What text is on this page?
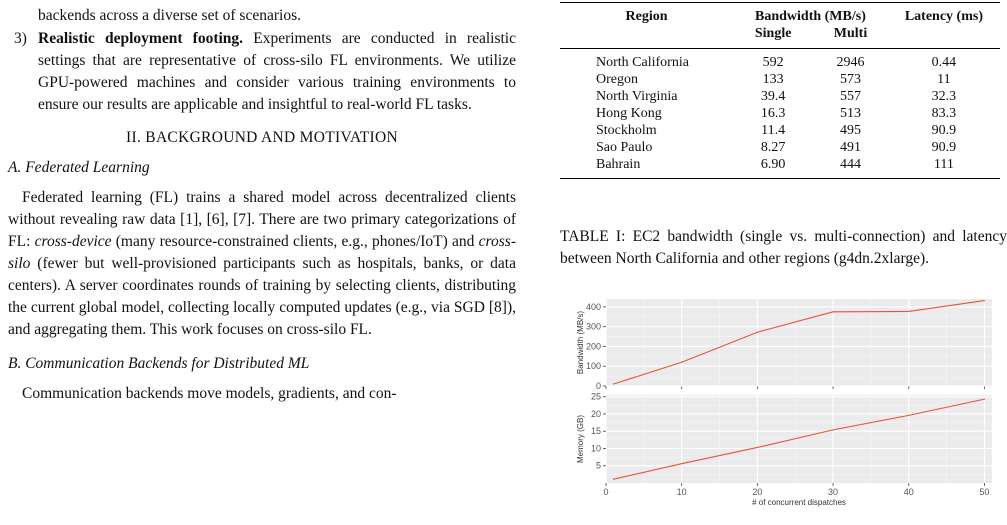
backends across a diverse set of scenarios.

3) Realistic deployment footing. Experiments are conducted in realistic settings that are representative of cross-silo FL environments. We utilize GPU-powered machines and consider various training environments to ensure our results are applicable and insightful to real-world FL tasks.

II. BACKGROUND AND MOTIVATION

A. Federated Learning

Federated learning (FL) trains a shared model across decentralized clients without revealing raw data [1], [6], [7]. There are two primary categorizations of FL: cross-device (many resource-constrained clients, e.g., phones/IoT) and cross-silo (fewer but well-provisioned participants such as hospitals, banks, or data centers). A server coordinates rounds of training by selecting clients, distributing the current global model, collecting locally computed updates (e.g., via SGD [8]), and aggregating them. This work focuses on cross-silo FL.

B. Communication Backends for Distributed ML

Communication backends move models, gradients, and con-

Region	Bandwidth (MB/s)		Latency (ms)
	Single	Multi	
North California	592	2946	0.44
Oregon	133	573	11
North Virginia	39.4	557	32.3
Hong Kong	16.3	513	83.3
Stockholm	11.4	495	90.9
Sao Paulo	8.27	491	90.9
Bahrain	6.90	444	111

TABLE I: EC2 bandwidth (single vs. multi-connection) and latency between North California and other regions (g4dn.2xlarge).

0
100
200
300
400
Bandwidth (MB/s)
0	10	20	30	40	50
5
10
15
20
25
Memory (GB)
# of concurrent dispatches
